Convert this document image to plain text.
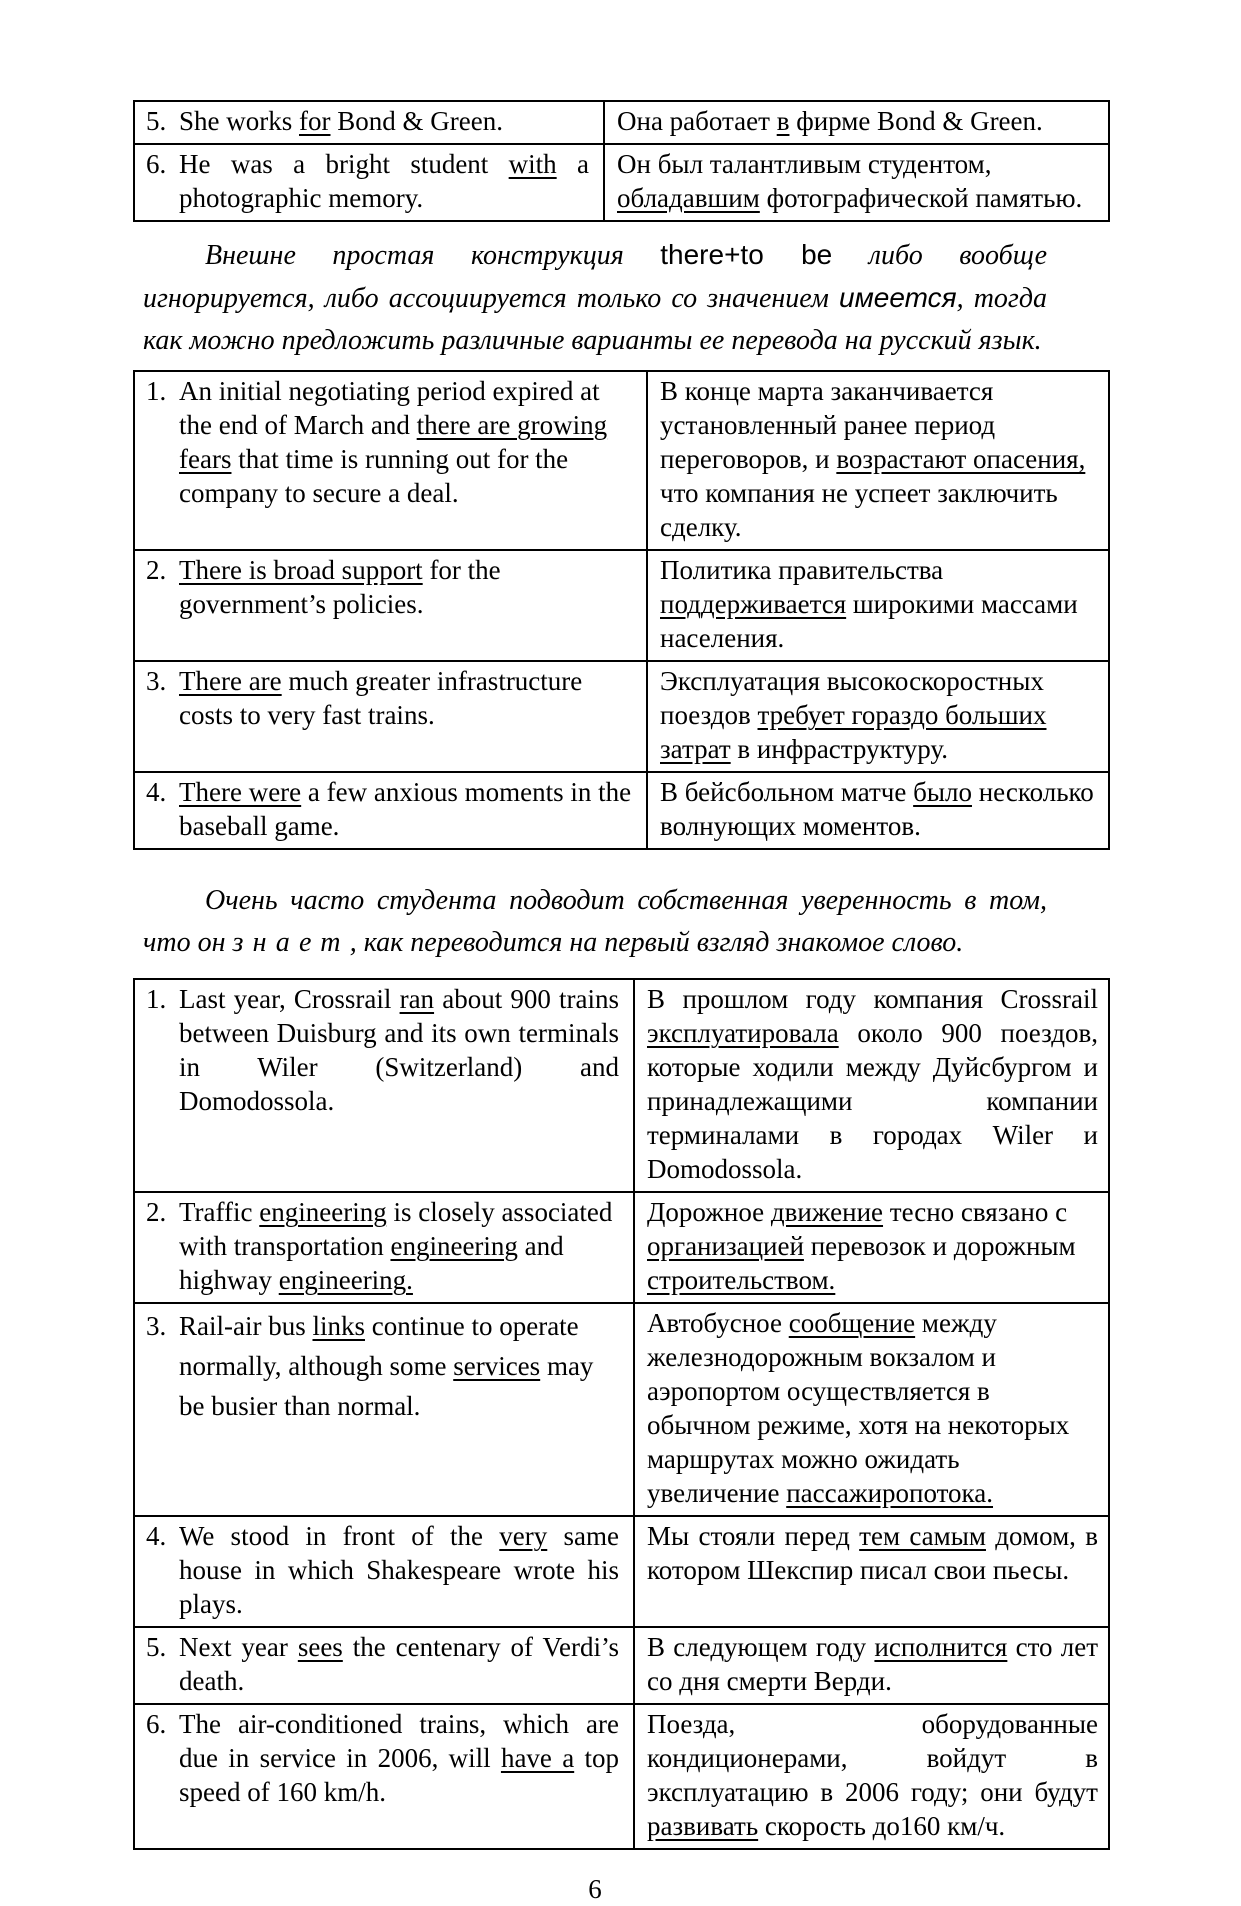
5. She works for Bond & Green.	Она работает в фирме Bond & Green.

6. He was a bright student with a photographic memory.	Он был талантливым студентом, обладавшим фотографической памятью.

Внешне простая конструкция there+to be либо вообще игнорируется, либо ассоциируется только со значением имеется, тогда как можно предложить различные варианты ее перевода на русский язык.

1. An initial negotiating period expired at the end of March and there are growing fears that time is running out for the company to secure a deal.	В конце марта заканчивается установленный ранее период переговоров, и возрастают опасения, что компания не успеет заключить сделку.

2. There is broad support for the government’s policies.	Политика правительства поддерживается широкими массами населения.

3. There are much greater infrastructure costs to very fast trains.	Эксплуатация высокоскоростных поездов требует гораздо больших затрат в инфраструктуру.

4. There were a few anxious moments in the baseball game.	В бейсбольном матче было несколько волнующих моментов.

Очень часто студента подводит собственная уверенность в том, что он знает, как переводится на первый взгляд знакомое слово.

1. Last year, Crossrail ran about 900 trains between Duisburg and its own terminals in Wiler (Switzerland) and Domodossola.	В прошлом году компания Crossrail эксплуатировала около 900 поездов, которые ходили между Дуйсбургом и принадлежащими компании терминалами в городах Wiler и Domodossola.

2. Traffic engineering is closely associated with transportation engineering and highway engineering.	Дорожное движение тесно связано с организацией перевозок и дорожным строительством.

3. Rail-air bus links continue to operate normally, although some services may be busier than normal.	Автобусное сообщение между железнодорожным вокзалом и аэропортом осуществляется в обычном режиме, хотя на некоторых маршрутах можно ожидать увеличение пассажиропотока.

4. We stood in front of the very same house in which Shakespeare wrote his plays.	Мы стояли перед тем самым домом, в котором Шекспир писал свои пьесы.

5. Next year sees the centenary of Verdi’s death.	В следующем году исполнится сто лет со дня смерти Верди.

6. The air-conditioned trains, which are due in service in 2006, will have a top speed of 160 km/h.	Поезда, оборудованные кондиционерами, войдут в эксплуатацию в 2006 году; они будут развивать скорость до160 км/ч.
6
